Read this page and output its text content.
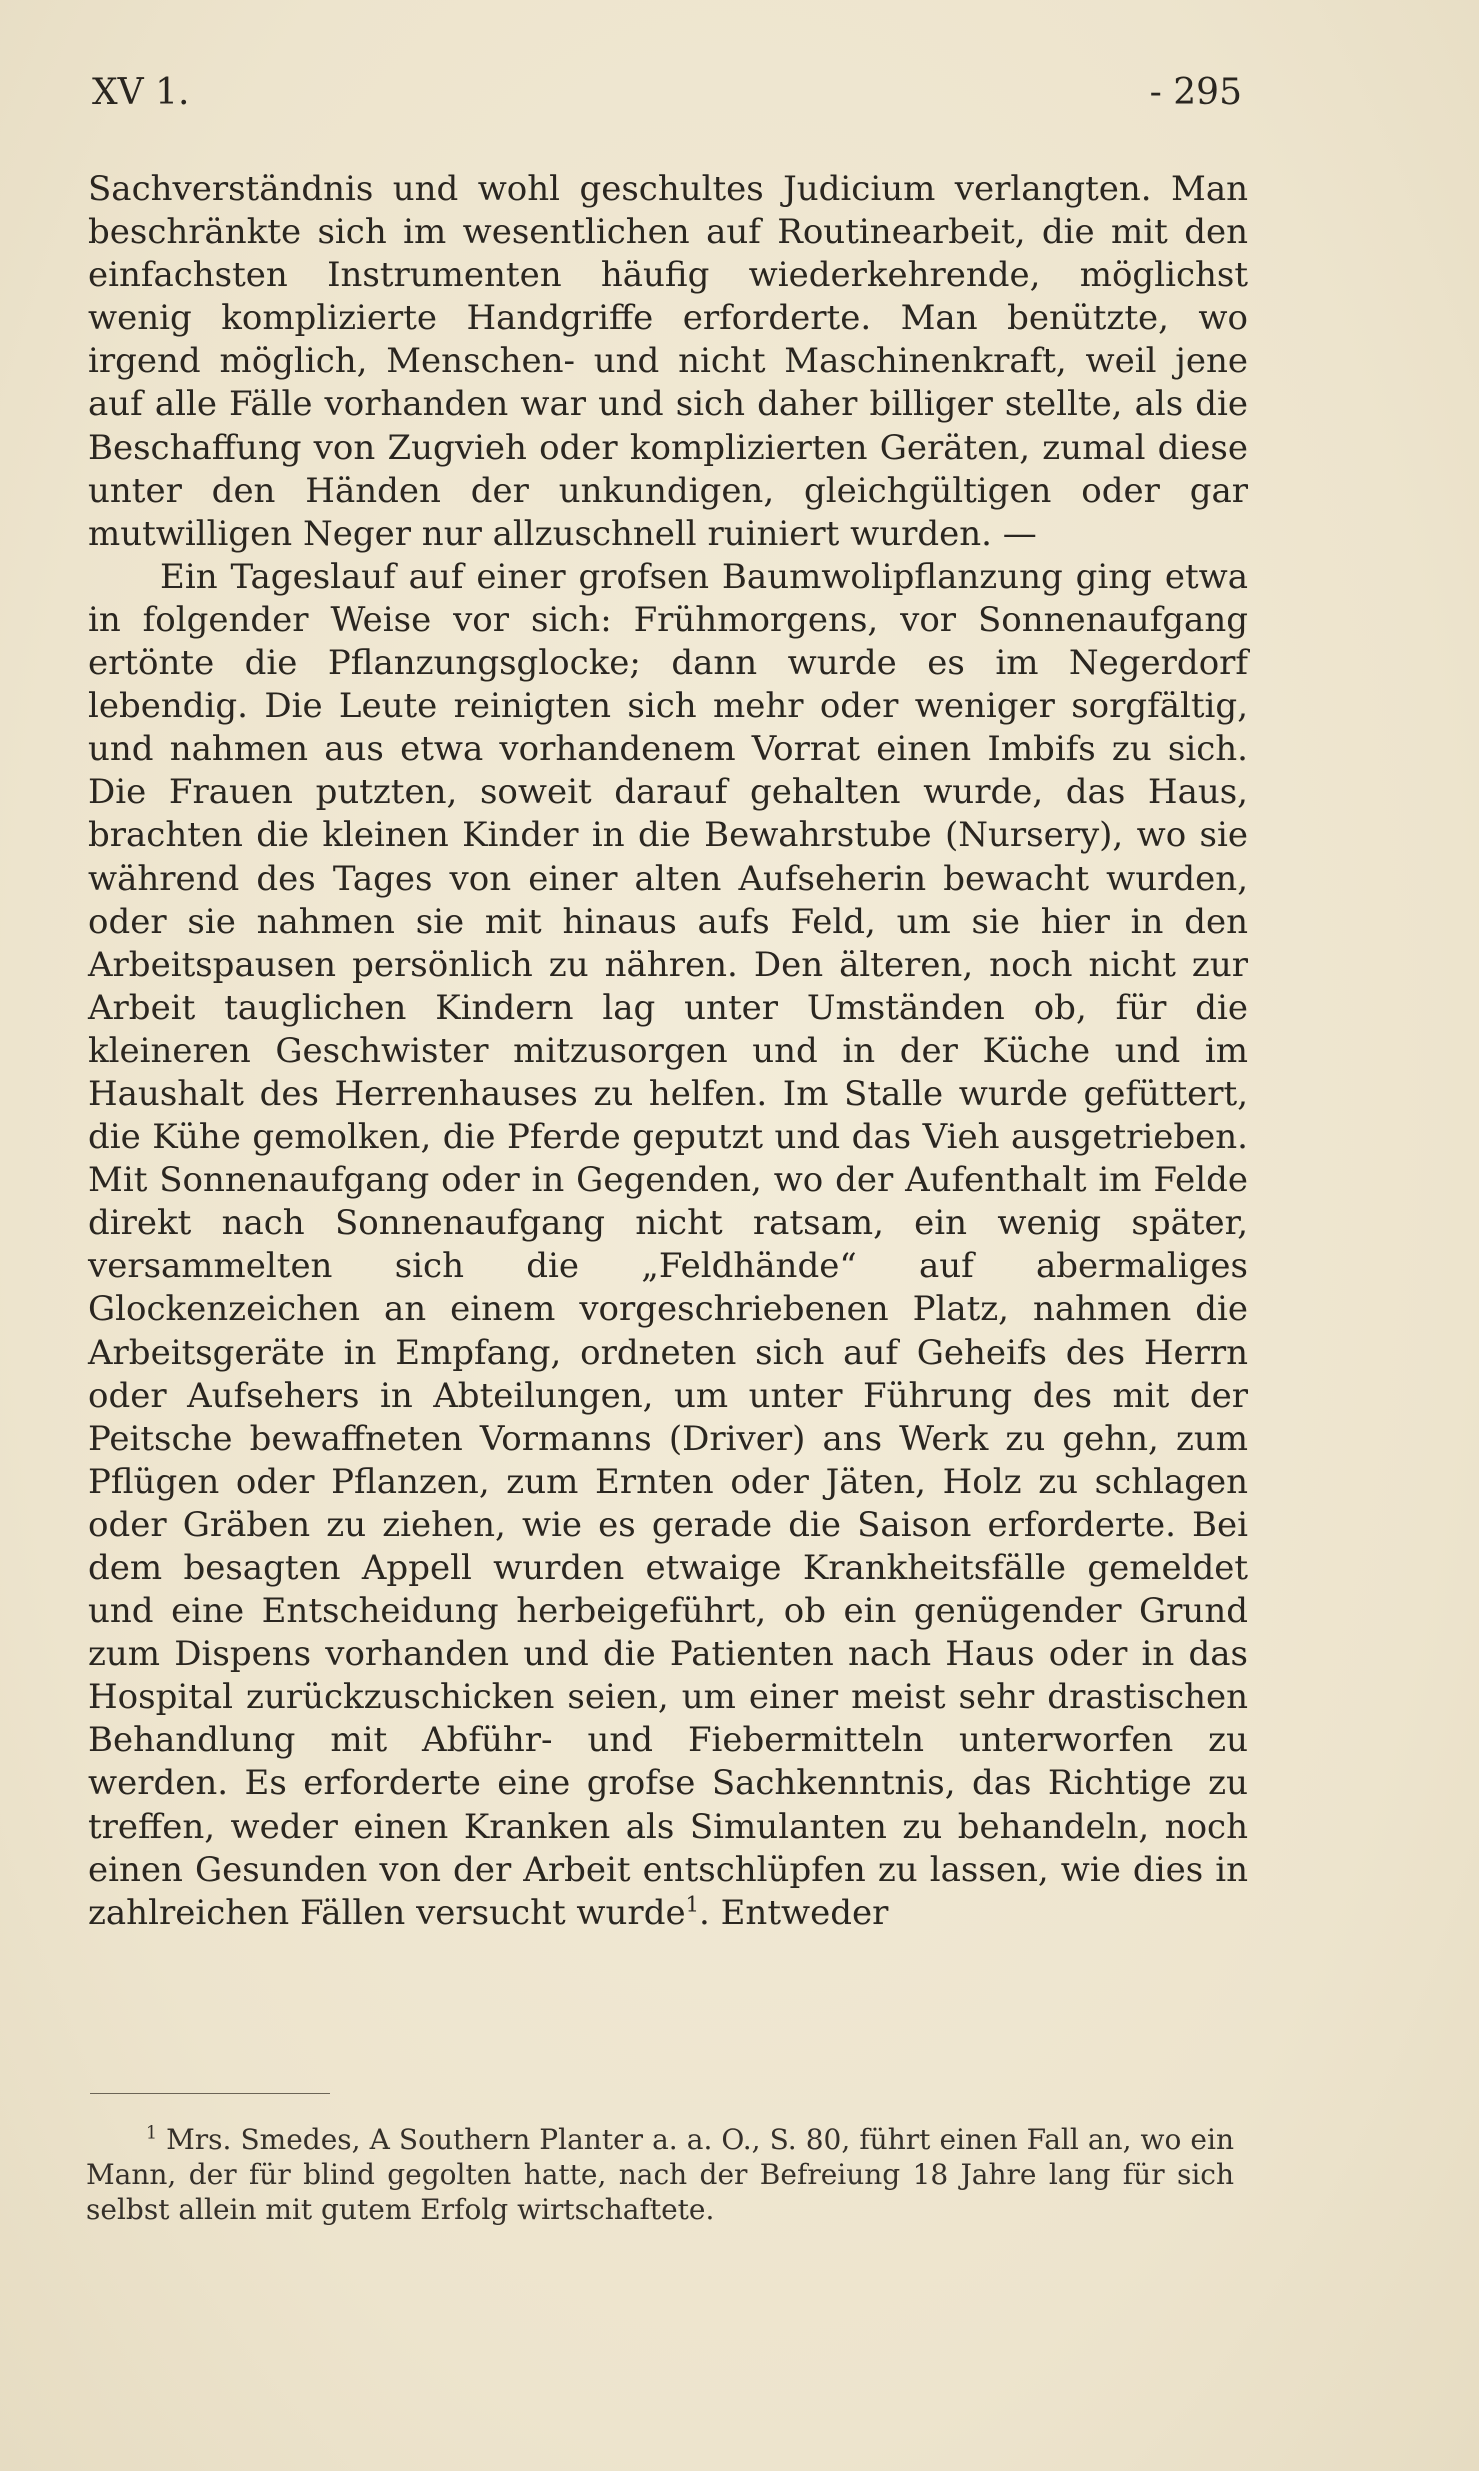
XV 1.	- 295

Sachverständnis und wohl geschultes Judicium verlangten. Man beschränkte sich im wesentlichen auf Routinearbeit, die mit den einfachsten Instrumenten häufig wiederkehrende, möglichst wenig komplizierte Handgriffe erforderte. Man benützte, wo irgend möglich, Menschen- und nicht Maschinenkraft, weil jene auf alle Fälle vorhanden war und sich daher billiger stellte, als die Beschaffung von Zugvieh oder komplizierten Geräten, zumal diese unter den Händen der unkundigen, gleichgültigen oder gar mutwilligen Neger nur allzuschnell ruiniert wurden. —

Ein Tageslauf auf einer grofsen Baumwolipflanzung ging etwa in folgender Weise vor sich: Frühmorgens, vor Sonnenaufgang ertönte die Pflanzungsglocke; dann wurde es im Negerdorf lebendig. Die Leute reinigten sich mehr oder weniger sorgfältig, und nahmen aus etwa vorhandenem Vorrat einen Imbifs zu sich. Die Frauen putzten, soweit darauf gehalten wurde, das Haus, brachten die kleinen Kinder in die Bewahrstube (Nursery), wo sie während des Tages von einer alten Aufseherin bewacht wurden, oder sie nahmen sie mit hinaus aufs Feld, um sie hier in den Arbeitspausen persönlich zu nähren. Den älteren, noch nicht zur Arbeit tauglichen Kindern lag unter Umständen ob, für die kleineren Geschwister mitzusorgen und in der Küche und im Haushalt des Herrenhauses zu helfen. Im Stalle wurde gefüttert, die Kühe gemolken, die Pferde geputzt und das Vieh ausgetrieben. Mit Sonnenaufgang oder in Gegenden, wo der Aufenthalt im Felde direkt nach Sonnenaufgang nicht ratsam, ein wenig später, versammelten sich die „Feldhände“ auf abermaliges Glockenzeichen an einem vorgeschriebenen Platz, nahmen die Arbeitsgeräte in Empfang, ordneten sich auf Geheifs des Herrn oder Aufsehers in Abteilungen, um unter Führung des mit der Peitsche bewaffneten Vormanns (Driver) ans Werk zu gehn, zum Pflügen oder Pflanzen, zum Ernten oder Jäten, Holz zu schlagen oder Gräben zu ziehen, wie es gerade die Saison erforderte. Bei dem besagten Appell wurden etwaige Krankheitsfälle gemeldet und eine Entscheidung herbeigeführt, ob ein genügender Grund zum Dispens vorhanden und die Patienten nach Haus oder in das Hospital zurückzuschicken seien, um einer meist sehr drastischen Behandlung mit Abführ- und Fiebermitteln unterworfen zu werden. Es erforderte eine grofse Sachkenntnis, das Richtige zu treffen, weder einen Kranken als Simulanten zu behandeln, noch einen Gesunden von der Arbeit entschlüpfen zu lassen, wie dies in zahlreichen Fällen versucht wurde$^1$. Entweder

$^1$ Mrs. Smedes, A Southern Planter a. a. O., S. 80, führt einen Fall an, wo ein Mann, der für blind gegolten hatte, nach der Befreiung 18 Jahre lang für sich selbst allein mit gutem Erfolg wirtschaftete.
